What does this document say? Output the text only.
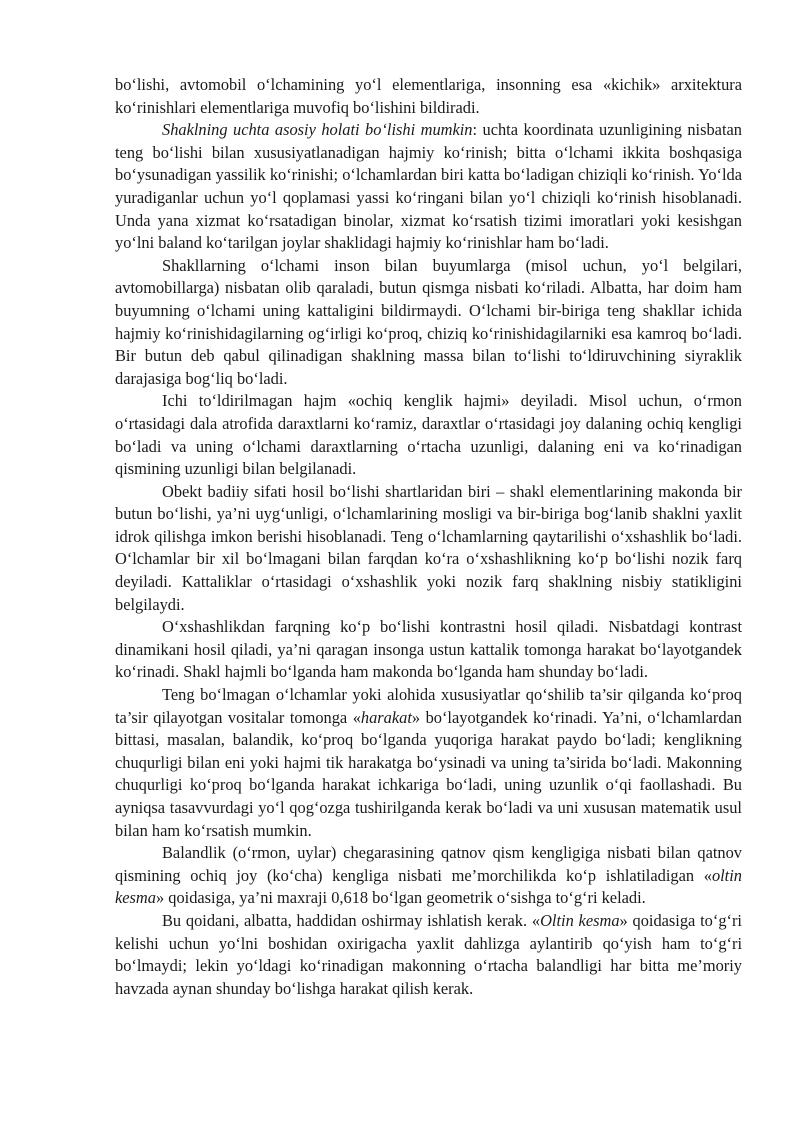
bo‘lishi, avtomobil o‘lchamining yo‘l elementlariga, insonning esa «kichik» arxitektura ko‘rinishlari elementlariga muvofiq bo‘lishini bildiradi.

Shaklning uchta asosiy holati bo‘lishi mumkin: uchta koordinata uzunligining nisbatan teng bo‘lishi bilan xususiyatlanadigan hajmiy ko‘rinish; bitta o‘lchami ikkita boshqasiga bo‘ysunadigan yassilik ko‘rinishi; o‘lchamlardan biri katta bo‘ladigan chiziqli ko‘rinish. Yo‘lda yuradiganlar uchun yo‘l qoplamasi yassi ko‘ringani bilan yo‘l chiziqli ko‘rinish hisoblanadi. Unda yana xizmat ko‘rsatadigan binolar, xizmat ko‘rsatish tizimi imoratlari yoki kesishgan yo‘lni baland ko‘tarilgan joylar shaklidagi hajmiy ko‘rinishlar ham bo‘ladi.

Shakllarning o‘lchami inson bilan buyumlarga (misol uchun, yo‘l belgilari, avtomobillarga) nisbatan olib qaraladi, butun qismga nisbati ko‘riladi. Albatta, har doim ham buyumning o‘lchami uning kattaligini bildirmaydi. O‘lchami bir-biriga teng shakllar ichida hajmiy ko‘rinishidagilarning og‘irligi ko‘proq, chiziq ko‘rinishidagilarniki esa kamroq bo‘ladi. Bir butun deb qabul qilinadigan shaklning massa bilan to‘lishi to‘ldiruvchining siyraklik darajasiga bog‘liq bo‘ladi.

Ichi to‘ldirilmagan hajm «ochiq kenglik hajmi» deyiladi. Misol uchun, o‘rmon o‘rtasidagi dala atrofida daraxtlarni ko‘ramiz, daraxtlar o‘rtasidagi joy dalaning ochiq kengligi bo‘ladi va uning o‘lchami daraxtlarning o‘rtacha uzunligi, dalaning eni va ko‘rinadigan qismining uzunligi bilan belgilanadi.

Obekt badiiy sifati hosil bo‘lishi shartlaridan biri – shakl elementlarining makonda bir butun bo‘lishi, ya’ni uyg‘unligi, o‘lchamlarining mosligi va bir-biriga bog‘lanib shaklni yaxlit idrok qilishga imkon berishi hisoblanadi. Teng o‘lchamlarning qaytarilishi o‘xshashlik bo‘ladi. O‘lchamlar bir xil bo‘lmagani bilan farqdan ko‘ra o‘xshashlikning ko‘p bo‘lishi nozik farq deyiladi. Kattaliklar o‘rtasidagi o‘xshashlik yoki nozik farq shaklning nisbiy statikligini belgilaydi.

O‘xshashlikdan farqning ko‘p bo‘lishi kontrastni hosil qiladi. Nisbatdagi kontrast dinamikani hosil qiladi, ya’ni qaragan insonga ustun kattalik tomonga harakat bo‘layotgandek ko‘rinadi. Shakl hajmli bo‘lganda ham makonda bo‘lganda ham shunday bo‘ladi.

Teng bo‘lmagan o‘lchamlar yoki alohida xususiyatlar qo‘shilib ta’sir qilganda ko‘proq ta’sir qilayotgan vositalar tomonga «harakat» bo‘layotgandek ko‘rinadi. Ya’ni, o‘lchamlardan bittasi, masalan, balandik, ko‘proq bo‘lganda yuqoriga harakat paydo bo‘ladi; kenglikning chuqurligi bilan eni yoki hajmi tik harakatga bo‘ysinadi va uning ta’sirida bo‘ladi. Makonning chuqurligi ko‘proq bo‘lganda harakat ichkariga bo‘ladi, uning uzunlik o‘qi faollashadi. Bu ayniqsa tasavvurdagi yo‘l qog‘ozga tushirilganda kerak bo‘ladi va uni xususan matematik usul bilan ham ko‘rsatish mumkin.

Balandlik (o‘rmon, uylar) chegarasining qatnov qism kengligiga nisbati bilan qatnov qismining ochiq joy (ko‘cha) kengliga nisbati me’morchilikda ko‘p ishlatiladigan «oltin kesma» qoidasiga, ya’ni maxraji 0,618 bo‘lgan geometrik o‘sishga to‘g‘ri keladi.

Bu qoidani, albatta, haddidan oshirmay ishlatish kerak. «Oltin kesma» qoidasiga to‘g‘ri kelishi uchun yo‘lni boshidan oxirigacha yaxlit dahlizga aylantirib qo‘yish ham to‘g‘ri bo‘lmaydi; lekin yo‘ldagi ko‘rinadigan makonning o‘rtacha balandligi har bitta me’moriy havzada aynan shunday bo‘lishga harakat qilish kerak.
